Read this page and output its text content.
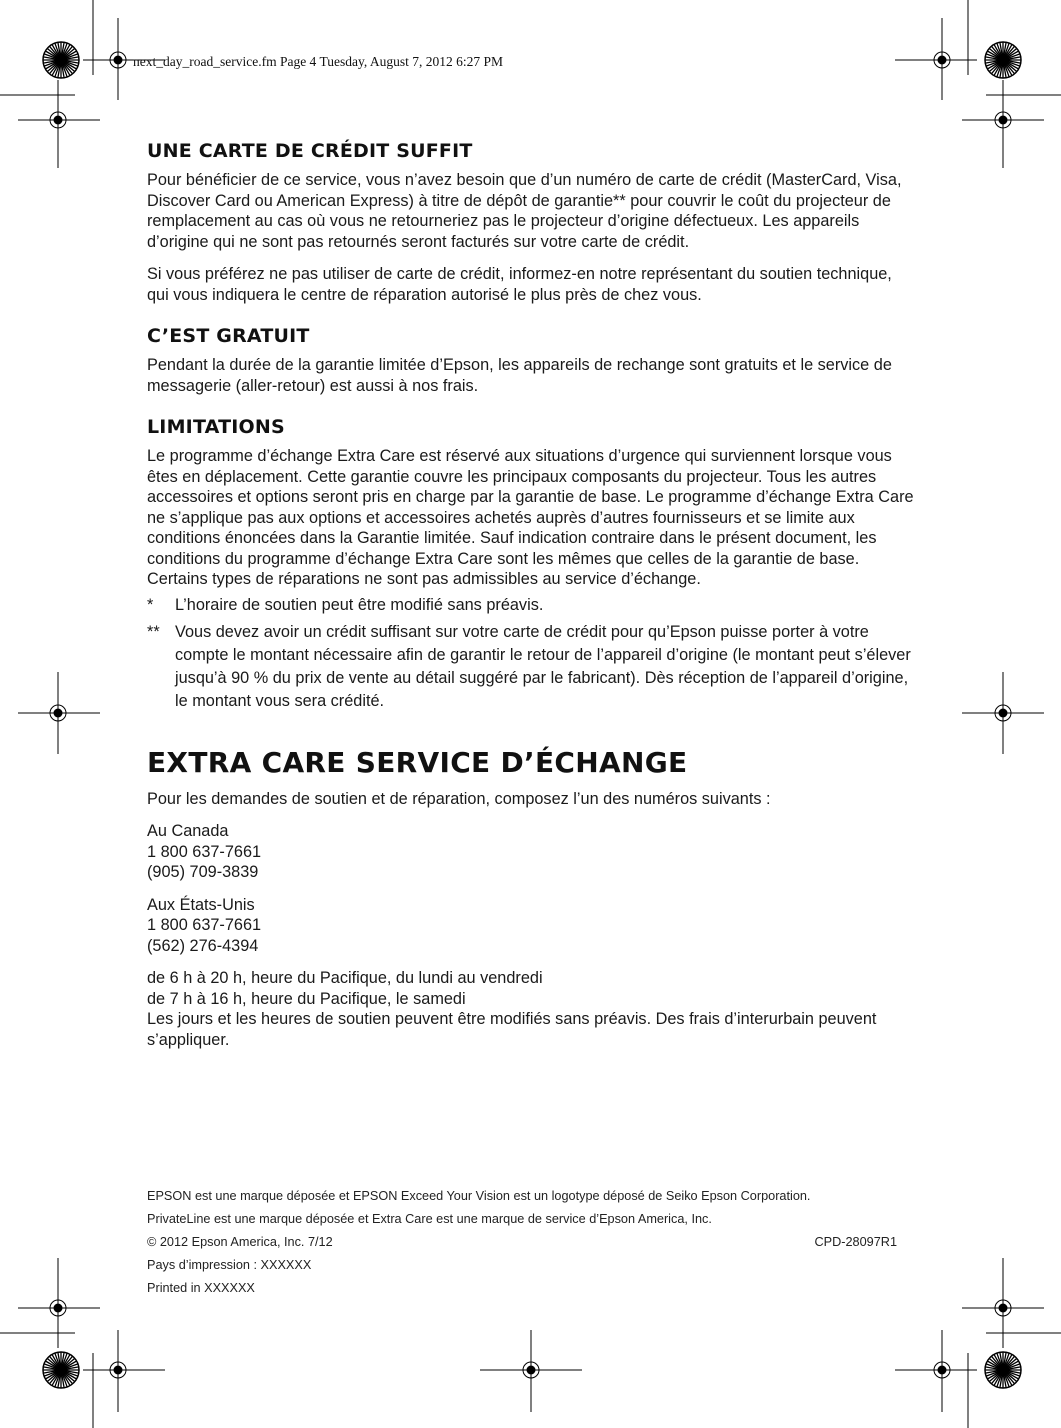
next_day_road_service.fm Page 4 Tuesday, August 7, 2012 6:27 PM
UNE CARTE DE CRÉDIT SUFFIT

Pour bénéficier de ce service, vous n’avez besoin que d’un numéro de carte de crédit (MasterCard, Visa, Discover Card ou American Express) à titre de dépôt de garantie** pour couvrir le coût du projecteur de remplacement au cas où vous ne retourneriez pas le projecteur d’origine défectueux. Les appareils d’origine qui ne sont pas retournés seront facturés sur votre carte de crédit.

Si vous préférez ne pas utiliser de carte de crédit, informez-en notre représentant du soutien technique, qui vous indiquera le centre de réparation autorisé le plus près de chez vous.

C’EST GRATUIT

Pendant la durée de la garantie limitée d’Epson, les appareils de rechange sont gratuits et le service de messagerie (aller-retour) est aussi à nos frais.

LIMITATIONS

Le programme d’échange Extra Care est réservé aux situations d’urgence qui surviennent lorsque vous êtes en déplacement. Cette garantie couvre les principaux composants du projecteur. Tous les autres accessoires et options seront pris en charge par la garantie de base. Le programme d’échange Extra Care ne s’applique pas aux options et accessoires achetés auprès d’autres fournisseurs et se limite aux conditions énoncées dans la Garantie limitée. Sauf indication contraire dans le présent document, les conditions du programme d’échange Extra Care sont les mêmes que celles de la garantie de base. Certains types de réparations ne sont pas admissibles au service d’échange.

*	L’horaire de soutien peut être modifié sans préavis.
** Vous devez avoir un crédit suffisant sur votre carte de crédit pour qu’Epson puisse porter à votre compte le montant nécessaire afin de garantir le retour de l’appareil d’origine (le montant peut s’élever jusqu’à 90 % du prix de vente au détail suggéré par le fabricant). Dès réception de l’appareil d’origine, le montant vous sera crédité.
EXTRA CARE SERVICE D’ÉCHANGE

Pour les demandes de soutien et de réparation, composez l’un des numéros suivants :

Au Canada

1 800 637-7661

(905) 709-3839

Aux États-Unis

1 800 637-7661

(562) 276-4394

de 6 h à 20 h, heure du Pacifique, du lundi au vendredi

de 7 h à 16 h, heure du Pacifique, le samedi

Les jours et les heures de soutien peuvent être modifiés sans préavis. Des frais d’interurbain peuvent s’appliquer.

EPSON est une marque déposée et EPSON Exceed Your Vision est un logotype déposé de Seiko Epson Corporation.
PrivateLine est une marque déposée et Extra Care est une marque de service d’Epson America, Inc.
© 2012 Epson America, Inc. 7/12	CPD-28097R1
Pays d’impression : XXXXXX
Printed in XXXXXX
